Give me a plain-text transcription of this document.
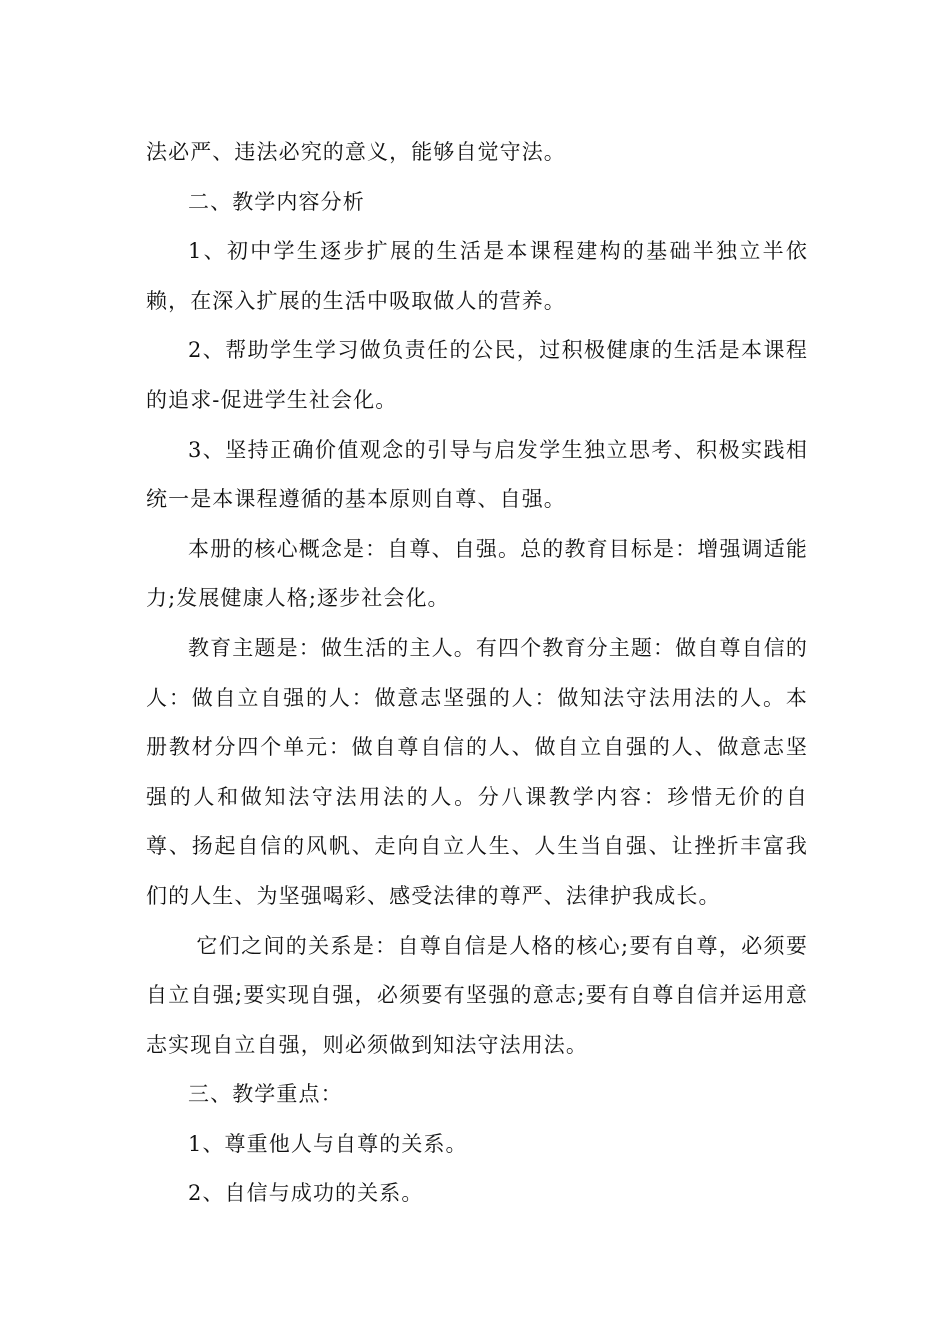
法必严、违法必究的意义，能够自觉守法。

二、教学内容分析

1、初中学生逐步扩展的生活是本课程建构的基础半独立半依赖，在深入扩展的生活中吸取做人的营养。

2、帮助学生学习做负责任的公民，过积极健康的生活是本课程的追求-促进学生社会化。

3、坚持正确价值观念的引导与启发学生独立思考、积极实践相统一是本课程遵循的基本原则自尊、自强。

本册的核心概念是：自尊、自强。总的教育目标是：增强调适能力;发展健康人格;逐步社会化。

教育主题是：做生活的主人。有四个教育分主题：做自尊自信的人：做自立自强的人：做意志坚强的人：做知法守法用法的人。本册教材分四个单元：做自尊自信的人、做自立自强的人、做意志坚强的人和做知法守法用法的人。分八课教学内容：珍惜无价的自尊、扬起自信的风帆、走向自立人生、人生当自强、让挫折丰富我们的人生、为坚强喝彩、感受法律的尊严、法律护我成长。

它们之间的关系是：自尊自信是人格的核心;要有自尊，必须要自立自强;要实现自强，必须要有坚强的意志;要有自尊自信并运用意志实现自立自强，则必须做到知法守法用法。

三、教学重点：

1、尊重他人与自尊的关系。

2、自信与成功的关系。
